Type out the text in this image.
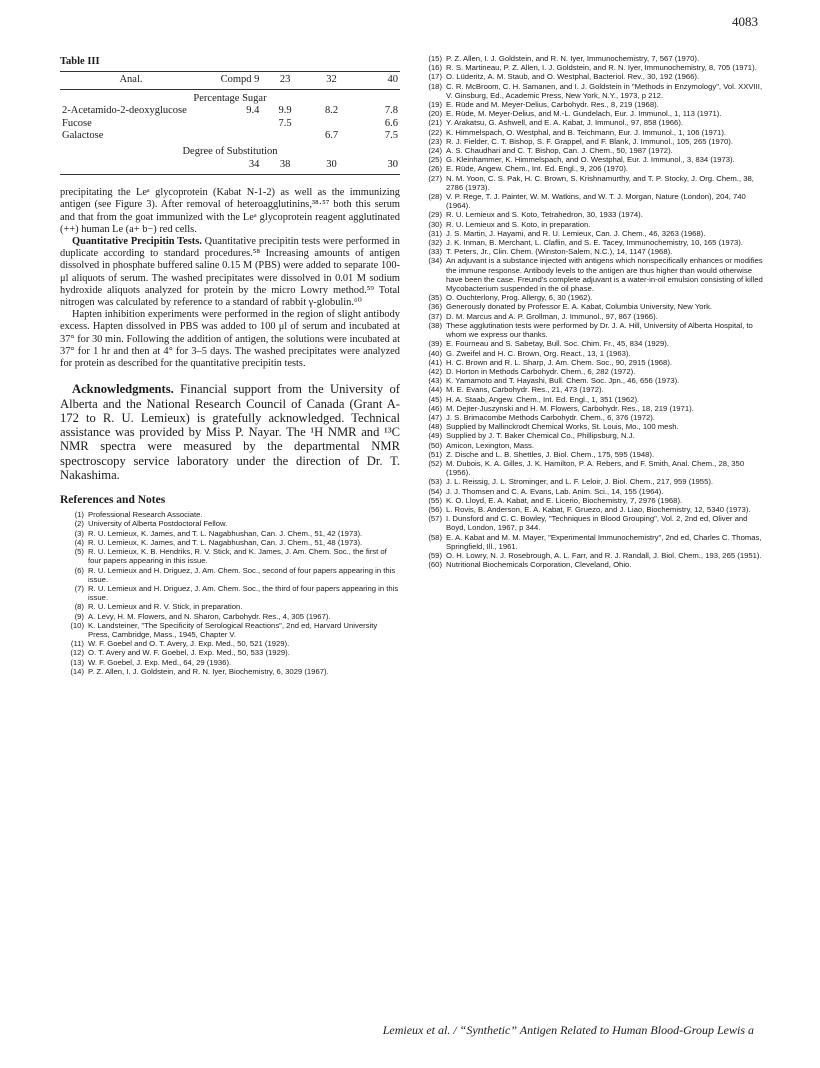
4083
Table III
Anal.	Compd 9	23	32	40
Percentage Sugar				
2-Acetamido-2-deoxyglucose	9.4	9.9	8.2	7.8
Fucose		7.5		6.6
Galactose			6.7	7.5
Degree of Substitution				
	34	38	30	30

precipitating the Leᵃ glycoprotein (Kabat N-1-2) as well as the immunizing antigen (see Figure 3). After removal of heteroagglutinins,³⁸·⁵⁷ both this serum and that from the goat immunized with the Leᵃ glycoprotein reagent agglutinated (++) human Le (a+ b−) red cells.

Quantitative Precipitin Tests. Quantitative precipitin tests were performed in duplicate according to standard procedures.⁵⁸ Increasing amounts of antigen dissolved in phosphate buffered saline 0.15 M (PBS) were added to separate 100-μl aliquots of serum. The washed precipitates were dissolved in 0.01 M sodium hydroxide aliquots analyzed for protein by the micro Lowry method.⁵⁹ Total nitrogen was calculated by reference to a standard of rabbit γ-globulin.⁶⁰

Hapten inhibition experiments were performed in the region of slight antibody excess. Hapten dissolved in PBS was added to 100 μl of serum and incubated at 37° for 30 min. Following the addition of antigen, the solutions were incubated at 37° for 1 hr and then at 4° for 3–5 days. The washed precipitates were analyzed for protein as described for the quantitative precipitin tests.

Acknowledgments. Financial support from the University of Alberta and the National Research Council of Canada (Grant A-172 to R. U. Lemieux) is gratefully acknowledged. Technical assistance was provided by Miss P. Nayar. The ¹H NMR and ¹³C NMR spectra were measured by the departmental NMR spectroscopy service laboratory under the direction of Dr. T. Nakashima.
References and Notes
(1) Professional Research Associate.
(2) University of Alberta Postdoctoral Fellow.
(3) R. U. Lemieux, K. James, and T. L. Nagabhushan, Can. J. Chem., 51, 42 (1973).
(4) R. U. Lemieux, K. James, and T. L. Nagabhushan, Can. J. Chem., 51, 48 (1973).
(5) R. U. Lemieux, K. B. Hendriks, R. V. Stick, and K. James, J. Am. Chem. Soc., the first of four papers appearing in this issue.
(6) R. U. Lemieux and H. Driguez, J. Am. Chem. Soc., second of four papers appearing in this issue.
(7) R. U. Lemieux and H. Driguez, J. Am. Chem. Soc., the third of four papers appearing in this issue.
(8) R. U. Lemieux and R. V. Stick, in preparation.
(9) A. Levy, H. M. Flowers, and N. Sharon, Carbohydr. Res., 4, 305 (1967).
(10) K. Landsteiner, "The Specificity of Serological Reactions", 2nd ed, Harvard University Press, Cambridge, Mass., 1945, Chapter V.
(11) W. F. Goebel and O. T. Avery, J. Exp. Med., 50, 521 (1929).
(12) O. T. Avery and W. F. Goebel, J. Exp. Med., 50, 533 (1929).
(13) W. F. Goebel, J. Exp. Med., 64, 29 (1936).
(14) P. Z. Allen, I. J. Goldstein, and R. N. Iyer, Biochemistry, 6, 3029 (1967).
(15) P. Z. Allen, I. J. Goldstein, and R. N. Iyer, Immunochemistry, 7, 567 (1970).
(16) R. S. Martineau, P. Z. Allen, I. J. Goldstein, and R. N. Iyer, Immunochemistry, 8, 705 (1971).
(17) O. Lüderitz, A. M. Staub, and O. Westphal, Bacteriol. Rev., 30, 192 (1966).
(18) C. R. McBroom, C. H. Samanen, and I. J. Goldstein in "Methods in Enzymology", Vol. XXVIII, V. Ginsburg, Ed., Academic Press, New York, N.Y., 1973, p 212.
(19) E. Rüde and M. Meyer-Delius, Carbohydr. Res., 8, 219 (1968).
(20) E. Rüde, M. Meyer-Delius, and M.-L. Gundelach, Eur. J. Immunol., 1, 113 (1971).
(21) Y. Arakatsu, G. Ashwell, and E. A. Kabat, J. Immunol., 97, 858 (1966).
(22) K. Himmelspach, O. Westphal, and B. Teichmann, Eur. J. Immunol., 1, 106 (1971).
(23) R. J. Fielder, C. T. Bishop, S. F. Grappel, and F. Blank, J. Immunol., 105, 265 (1970).
(24) A. S. Chaudhari and C. T. Bishop, Can. J. Chem., 50, 1987 (1972).
(25) G. Kleinhammer, K. Himmelspach, and O. Westphal, Eur. J. Immunol., 3, 834 (1973).
(26) E. Rüde, Angew. Chem., Int. Ed. Engl., 9, 206 (1970).
(27) N. M. Yoon, C. S. Pak, H. C. Brown, S. Krishnamurthy, and T. P. Stocky, J. Org. Chem., 38, 2786 (1973).
(28) V. P. Rege, T. J. Painter, W. M. Watkins, and W. T. J. Morgan, Nature (London), 204, 740 (1964).
(29) R. U. Lemieux and S. Koto, Tetrahedron, 30, 1933 (1974).
(30) R. U. Lemieux and S. Koto, in preparation.
(31) J. S. Martin, J. Hayami, and R. U. Lemieux, Can. J. Chem., 46, 3263 (1968).
(32) J. K. Inman, B. Merchant, L. Claflin, and S. E. Tacey, Immunochemistry, 10, 165 (1973).
(33) T. Peters, Jr., Clin. Chem. (Winston-Salem, N.C.), 14, 1147 (1968).
(34) An adjuvant is a substance injected with antigens which nonspecifically enhances or modifies the immune response. Antibody levels to the antigen are thus higher than would otherwise have been the case. Freund's complete adjuvant is a water-in-oil emulsion consisting of killed Mycobacterium suspended in the oil phase.
(35) O. Ouchterlony, Prog. Allergy, 6, 30 (1962).
(36) Generously donated by Professor E. A. Kabat, Columbia University, New York.
(37) D. M. Marcus and A. P. Grollman, J. Immunol., 97, 867 (1966).
(38) These agglutination tests were performed by Dr. J. A. Hill, University of Alberta Hospital, to whom we express our thanks.
(39) E. Fourneau and S. Sabetay, Bull. Soc. Chim. Fr., 45, 834 (1929).
(40) G. Zweifel and H. C. Brown, Org. React., 13, 1 (1963).
(41) H. C. Brown and R. L. Sharp, J. Am. Chem. Soc., 90, 2915 (1968).
(42) D. Horton in Methods Carbohydr. Chem., 6, 282 (1972).
(43) K. Yamamoto and T. Hayashi, Bull. Chem. Soc. Jpn., 46, 656 (1973).
(44) M. E. Evans, Carbohydr. Res., 21, 473 (1972).
(45) H. A. Staab, Angew. Chem., Int. Ed. Engl., 1, 351 (1962).
(46) M. Dejter-Juszynski and H. M. Flowers, Carbohydr. Res., 18, 219 (1971).
(47) J. S. Brimacombe Methods Carbohydr. Chem., 6, 376 (1972).
(48) Supplied by Mallinckrodt Chemical Works, St. Louis, Mo., 100 mesh.
(49) Supplied by J. T. Baker Chemical Co., Phillipsburg, N.J.
(50) Amicon, Lexington, Mass.
(51) Z. Dische and L. B. Shettles, J. Biol. Chem., 175, 595 (1948).
(52) M. Dubois, K. A. Gilles, J. K. Hamilton, P. A. Rebers, and F. Smith, Anal. Chem., 28, 350 (1956).
(53) J. L. Reissig, J. L. Strominger, and L. F. Leloir, J. Biol. Chem., 217, 959 (1955).
(54) J. J. Thomsen and C. A. Evans, Lab. Anim. Sci., 14, 155 (1964).
(55) K. O. Lloyd, E. A. Kabat, and E. Licerio, Biochemistry, 7, 2976 (1968).
(56) L. Rovis, B. Anderson, E. A. Kabat, F. Gruezo, and J. Liao, Biochemistry, 12, 5340 (1973).
(57) I. Dunsford and C. C. Bowley, "Techniques in Blood Grouping", Vol. 2, 2nd ed, Oliver and Boyd, London, 1967, p 344.
(58) E. A. Kabat and M. M. Mayer, "Experimental Immunochemistry", 2nd ed, Charles C. Thomas, Springfield, Ill., 1961.
(59) O. H. Lowry, N. J. Rosebrough, A. L. Farr, and R. J. Randall, J. Biol. Chem., 193, 265 (1951).
(60) Nutritional Biochemicals Corporation, Cleveland, Ohio.
Lemieux et al. / “Synthetic” Antigen Related to Human Blood-Group Lewis a
